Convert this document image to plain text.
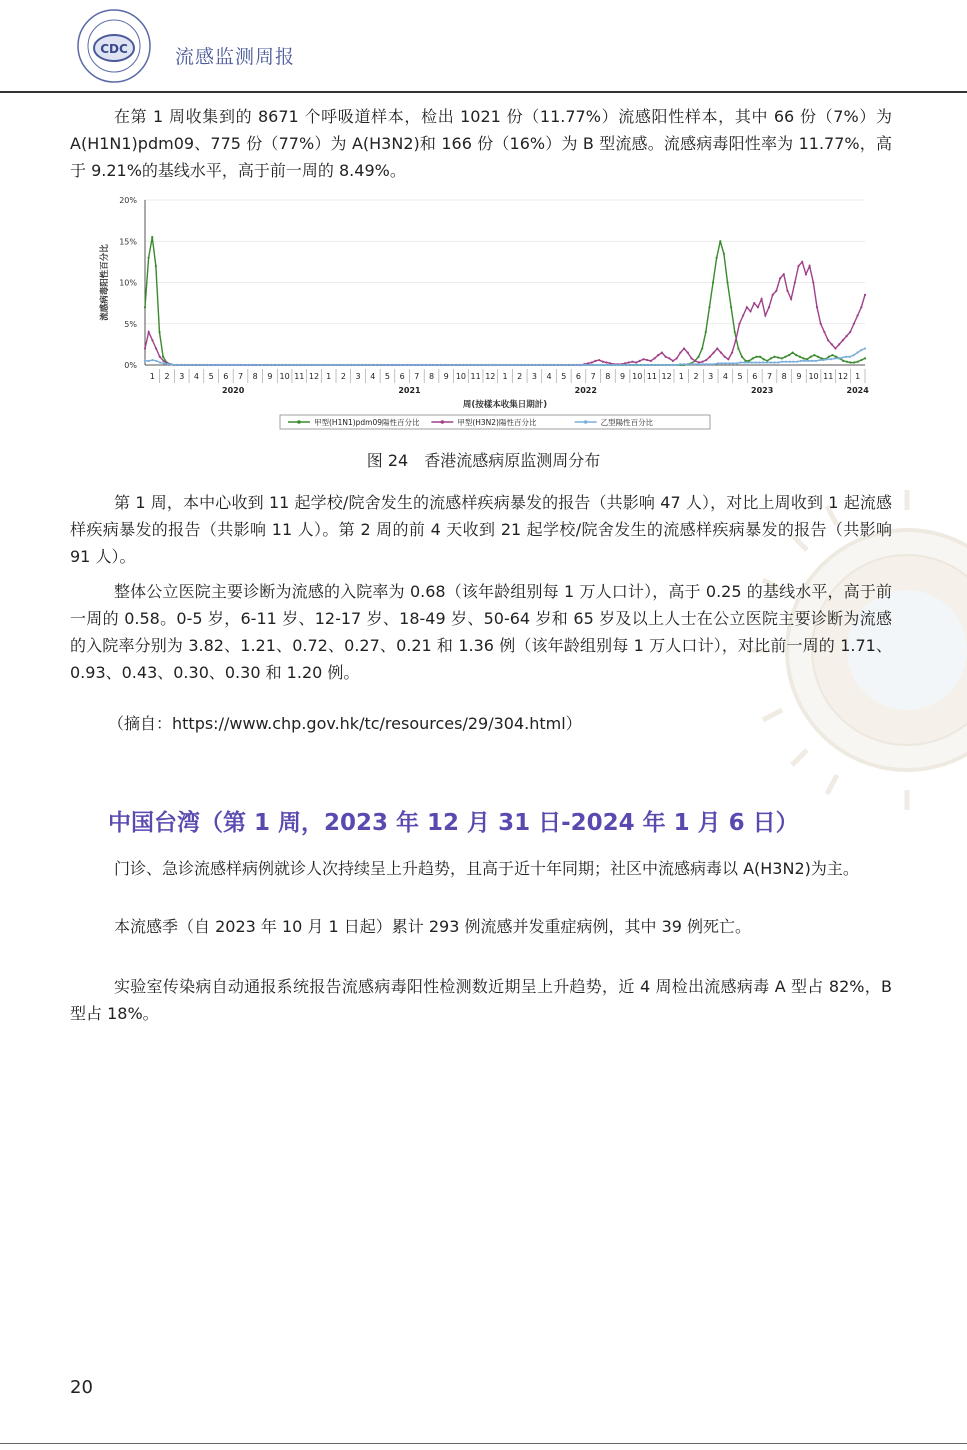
CDC 流感监测周报
在第 1 周收集到的 8671 个呼吸道样本，检出 1021 份（11.77%）流感阳性样本，其中 66 份（7%）为 A(H1N1)pdm09、775 份（77%）为 A(H3N2)和 166 份（16%）为 B 型流感。流感病毒阳性率为 11.77%，高于 9.21%的基线水平，高于前一周的 8.49%。
0%
5%
10%
15%
20%
流感病毒阳性百分比
1 2 3 4 5 6 7 8 9 10 11 12 1 2 3 4 5 6 7 8 9 10 11 12 1 2 3 4 5 6 7 8 9 10 11 12 1 2 3 4 5 6 7 8 9 10 11 12 1
2020	2021	2022	2023	2024
周(按樣本收集日期計)
甲型(H1N1)pdm09陽性百分比	甲型(H3N2)陽性百分比	乙型陽性百分比
图 24　香港流感病原监测周分布
第 1 周，本中心收到 11 起学校/院舍发生的流感样疾病暴发的报告（共影响 47 人），对比上周收到 1 起流感样疾病暴发的报告（共影响 11 人）。第 2 周的前 4 天收到 21 起学校/院舍发生的流感样疾病暴发的报告（共影响 91 人）。
整体公立医院主要诊断为流感的入院率为 0.68（该年龄组别每 1 万人口计），高于 0.25 的基线水平，高于前一周的 0.58。0-5 岁，6-11 岁、12-17 岁、18-49 岁、50-64 岁和 65 岁及以上人士在公立医院主要诊断为流感的入院率分别为 3.82、1.21、0.72、0.27、0.21 和 1.36 例（该年龄组别每 1 万人口计），对比前一周的 1.71、0.93、0.43、0.30、0.30 和 1.20 例。
（摘自：https://www.chp.gov.hk/tc/resources/29/304.html）
中国台湾（第 1 周，2023 年 12 月 31 日-2024 年 1 月 6 日）
门诊、急诊流感样病例就诊人次持续呈上升趋势，且高于近十年同期；社区中流感病毒以 A(H3N2)为主。
本流感季（自 2023 年 10 月 1 日起）累计 293 例流感并发重症病例，其中 39 例死亡。
实验室传染病自动通报系统报告流感病毒阳性检测数近期呈上升趋势，近 4 周检出流感病毒 A 型占 82%，B 型占 18%。
20
